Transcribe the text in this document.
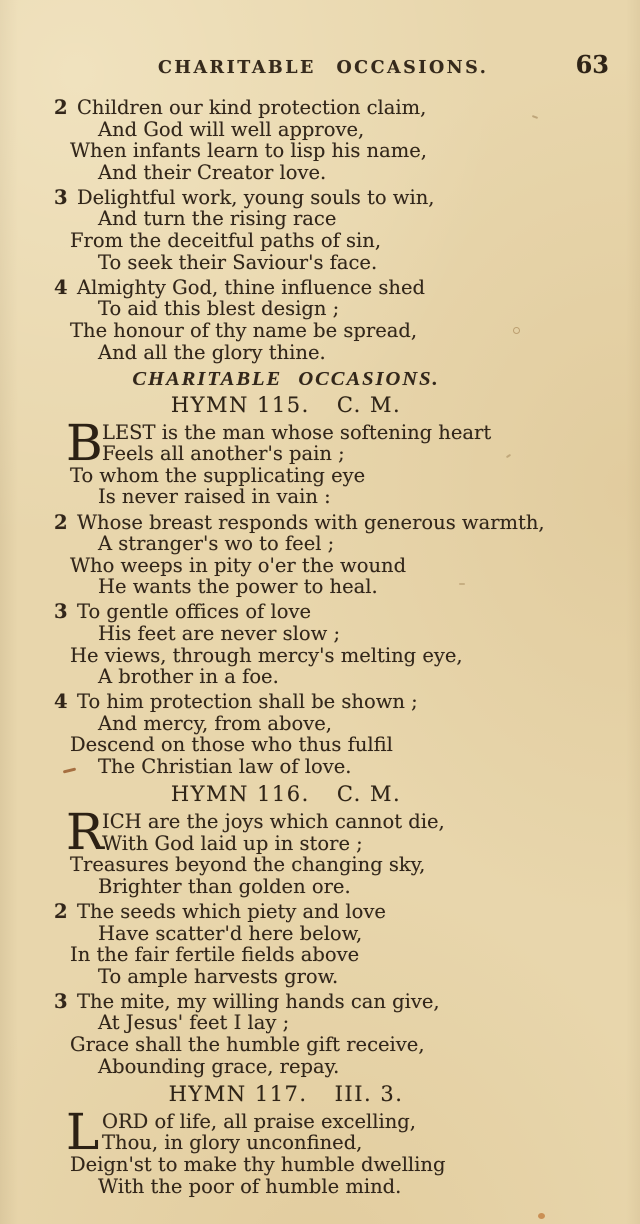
CHARITABLE OCCASIONS.	63
2 Children our kind protection claim,
And God will well approve,
When infants learn to lisp his name,
And their Creator love.
3 Delightful work, young souls to win,
And turn the rising race
From the deceitful paths of sin,
To seek their Saviour's face.
4 Almighty God, thine influence shed
To aid this blest design ;
The honour of thy name be spread,
And all the glory thine.
CHARITABLE OCCASIONS.
HYMN 115. C. M.
B LEST is the man whose softening heart
Feels all another's pain ;
To whom the supplicating eye
Is never raised in vain :
2 Whose breast responds with generous warmth,
A stranger's wo to feel ;
Who weeps in pity o'er the wound
He wants the power to heal.
3 To gentle offices of love
His feet are never slow ;
He views, through mercy's melting eye,
A brother in a foe.
4 To him protection shall be shown ;
And mercy, from above,
Descend on those who thus fulfil
The Christian law of love.
HYMN 116. C. M.
R
ICH are the joys which cannot die,
With God laid up in store ;
Treasures beyond the changing sky,
Brighter than golden ore.
2 The seeds which piety and love
Have scatter'd here below,
In the fair fertile fields above
To ample harvests grow.
3 The mite, my willing hands can give,
At Jesus' feet I lay ;
Grace shall the humble gift receive,
Abounding grace, repay.
HYMN 117. III. 3.
L ORD of life, all praise excelling,
Thou, in glory unconfined,
Deign'st to make thy humble dwelling
With the poor of humble mind.
